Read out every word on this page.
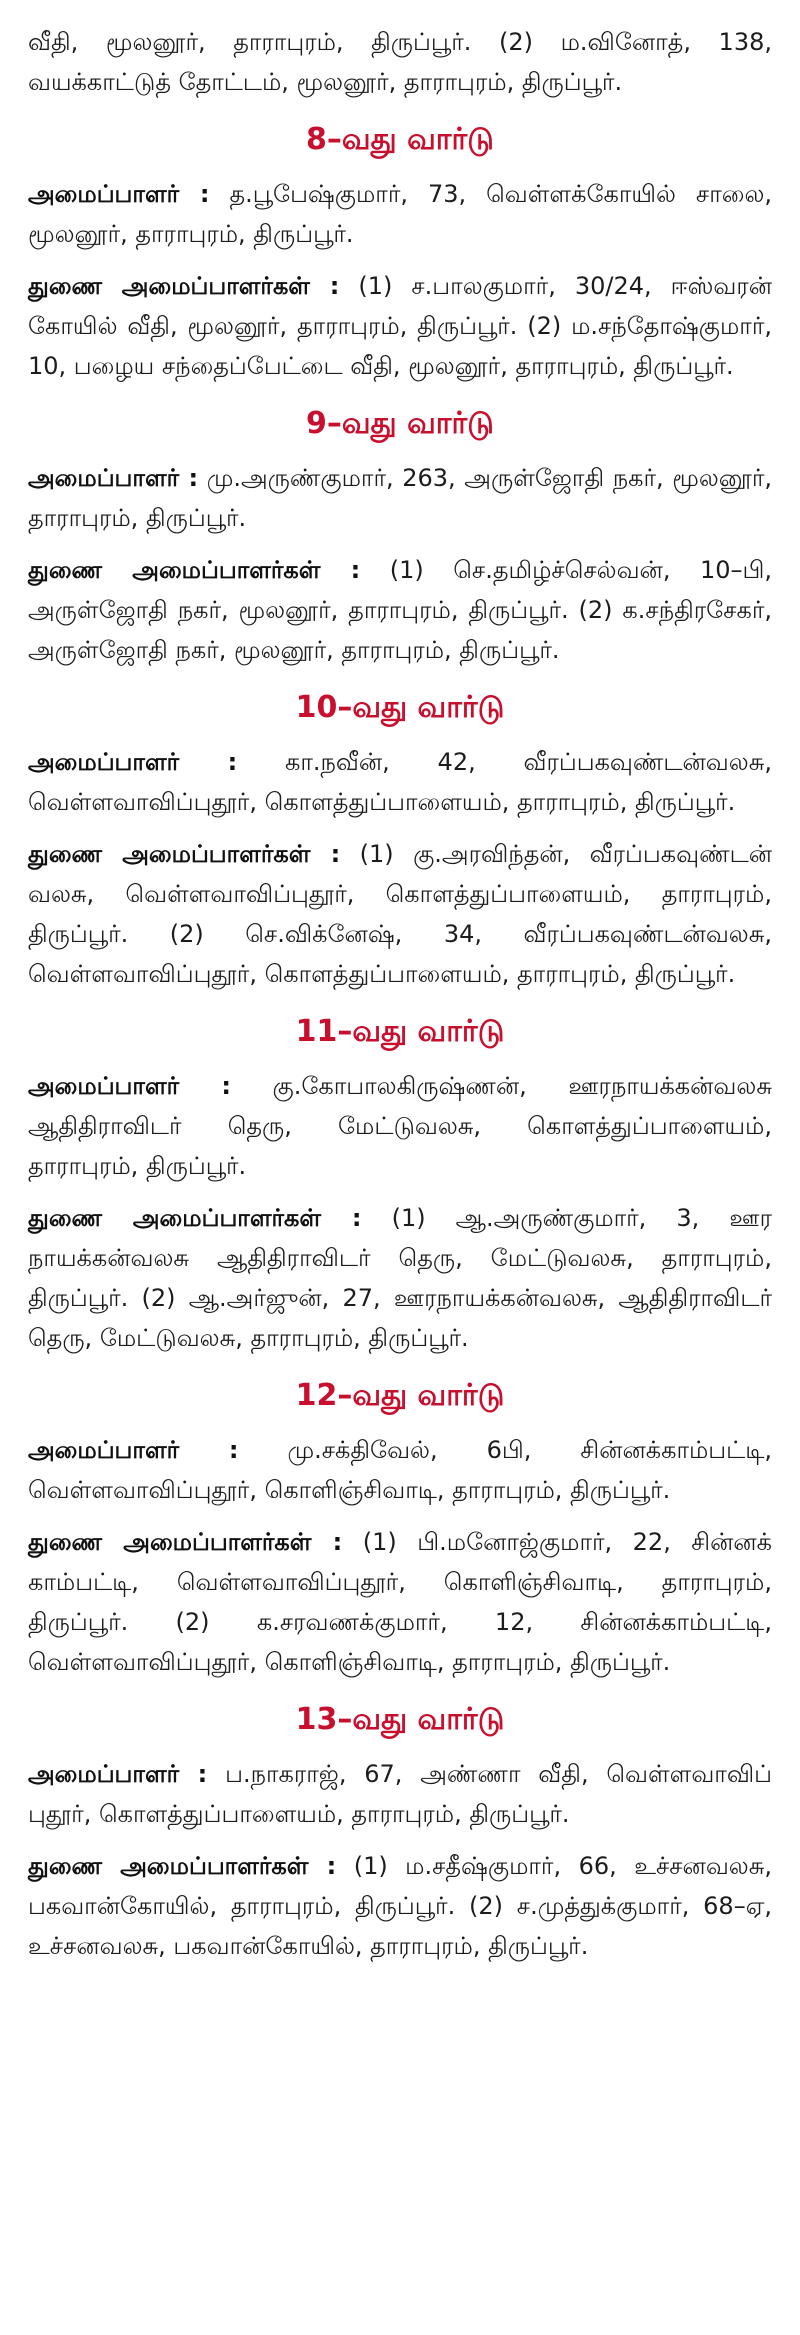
வீதி, மூலனூர், தாராபுரம், திருப்பூர். (2) ம.வினோத், 138, வயக்காட்டுத் தோட்டம், மூலனூர், தாராபுரம், திருப்பூர்.

8–வது வார்டு

அமைப்பாளர் : த.பூபேஷ்குமார், 73, வெள்ளக்கோயில் சாலை, மூலனூர், தாராபுரம், திருப்பூர்.

துணை அமைப்பாளர்கள் : (1) ச.பாலகுமார், 30/24, ஈஸ்வரன் கோயில் வீதி, மூலனூர், தாராபுரம், திருப்பூர். (2) ம.சந்தோஷ்குமார், 10, பழைய சந்தைப்பேட்டை வீதி, மூலனூர், தாராபுரம், திருப்பூர்.

9–வது வார்டு

அமைப்பாளர் : மு.அருண்குமார், 263, அருள்ஜோதி நகர், மூலனூர், தாராபுரம், திருப்பூர்.

துணை அமைப்பாளர்கள் : (1) செ.தமிழ்ச்செல்வன், 10–பி, அருள்ஜோதி நகர், மூலனூர், தாராபுரம், திருப்பூர். (2) க.சந்திரசேகர், அருள்ஜோதி நகர், மூலனூர், தாராபுரம், திருப்பூர்.

10–வது வார்டு

அமைப்பாளர் : கா.நவீன், 42, வீரப்பகவுண்டன்வலசு, வெள்ளவாவிப்புதூர், கொளத்துப்பாளையம், தாராபுரம், திருப்பூர்.

துணை அமைப்பாளர்கள் : (1) கு.அரவிந்தன், வீரப்பகவுண்டன் வலசு, வெள்ளவாவிப்புதூர், கொளத்துப்பாளையம், தாராபுரம், திருப்பூர். (2) செ.விக்னேஷ், 34, வீரப்பகவுண்டன்வலசு, வெள்ளவாவிப்புதூர், கொளத்துப்பாளையம், தாராபுரம், திருப்பூர்.

11–வது வார்டு

அமைப்பாளர் : கு.கோபாலகிருஷ்ணன், ஊரநாயக்கன்வலசு ஆதிதிராவிடர் தெரு, மேட்டுவலசு, கொளத்துப்பாளையம், தாராபுரம், திருப்பூர்.

துணை அமைப்பாளர்கள் : (1) ஆ.அருண்குமார், 3, ஊர நாயக்கன்வலசு ஆதிதிராவிடர் தெரு, மேட்டுவலசு, தாராபுரம், திருப்பூர். (2) ஆ.அர்ஜுன், 27, ஊரநாயக்கன்வலசு, ஆதிதிராவிடர் தெரு, மேட்டுவலசு, தாராபுரம், திருப்பூர்.

12–வது வார்டு

அமைப்பாளர் : மு.சக்திவேல், 6பி, சின்னக்காம்பட்டி, வெள்ளவாவிப்புதூர், கொளிஞ்சிவாடி, தாராபுரம், திருப்பூர்.

துணை அமைப்பாளர்கள் : (1) பி.மனோஜ்குமார், 22, சின்னக் காம்பட்டி, வெள்ளவாவிப்புதூர், கொளிஞ்சிவாடி, தாராபுரம், திருப்பூர். (2) க.சரவணக்குமார், 12, சின்னக்காம்பட்டி, வெள்ளவாவிப்புதூர், கொளிஞ்சிவாடி, தாராபுரம், திருப்பூர்.

13–வது வார்டு

அமைப்பாளர் : ப.நாகராஜ், 67, அண்ணா வீதி, வெள்ளவாவிப் புதூர், கொளத்துப்பாளையம், தாராபுரம், திருப்பூர்.

துணை அமைப்பாளர்கள் : (1) ம.சதீஷ்குமார், 66, உச்சனவலசு, பகவான்கோயில், தாராபுரம், திருப்பூர். (2) ச.முத்துக்குமார், 68–ஏ, உச்சனவலசு, பகவான்கோயில், தாராபுரம், திருப்பூர்.
